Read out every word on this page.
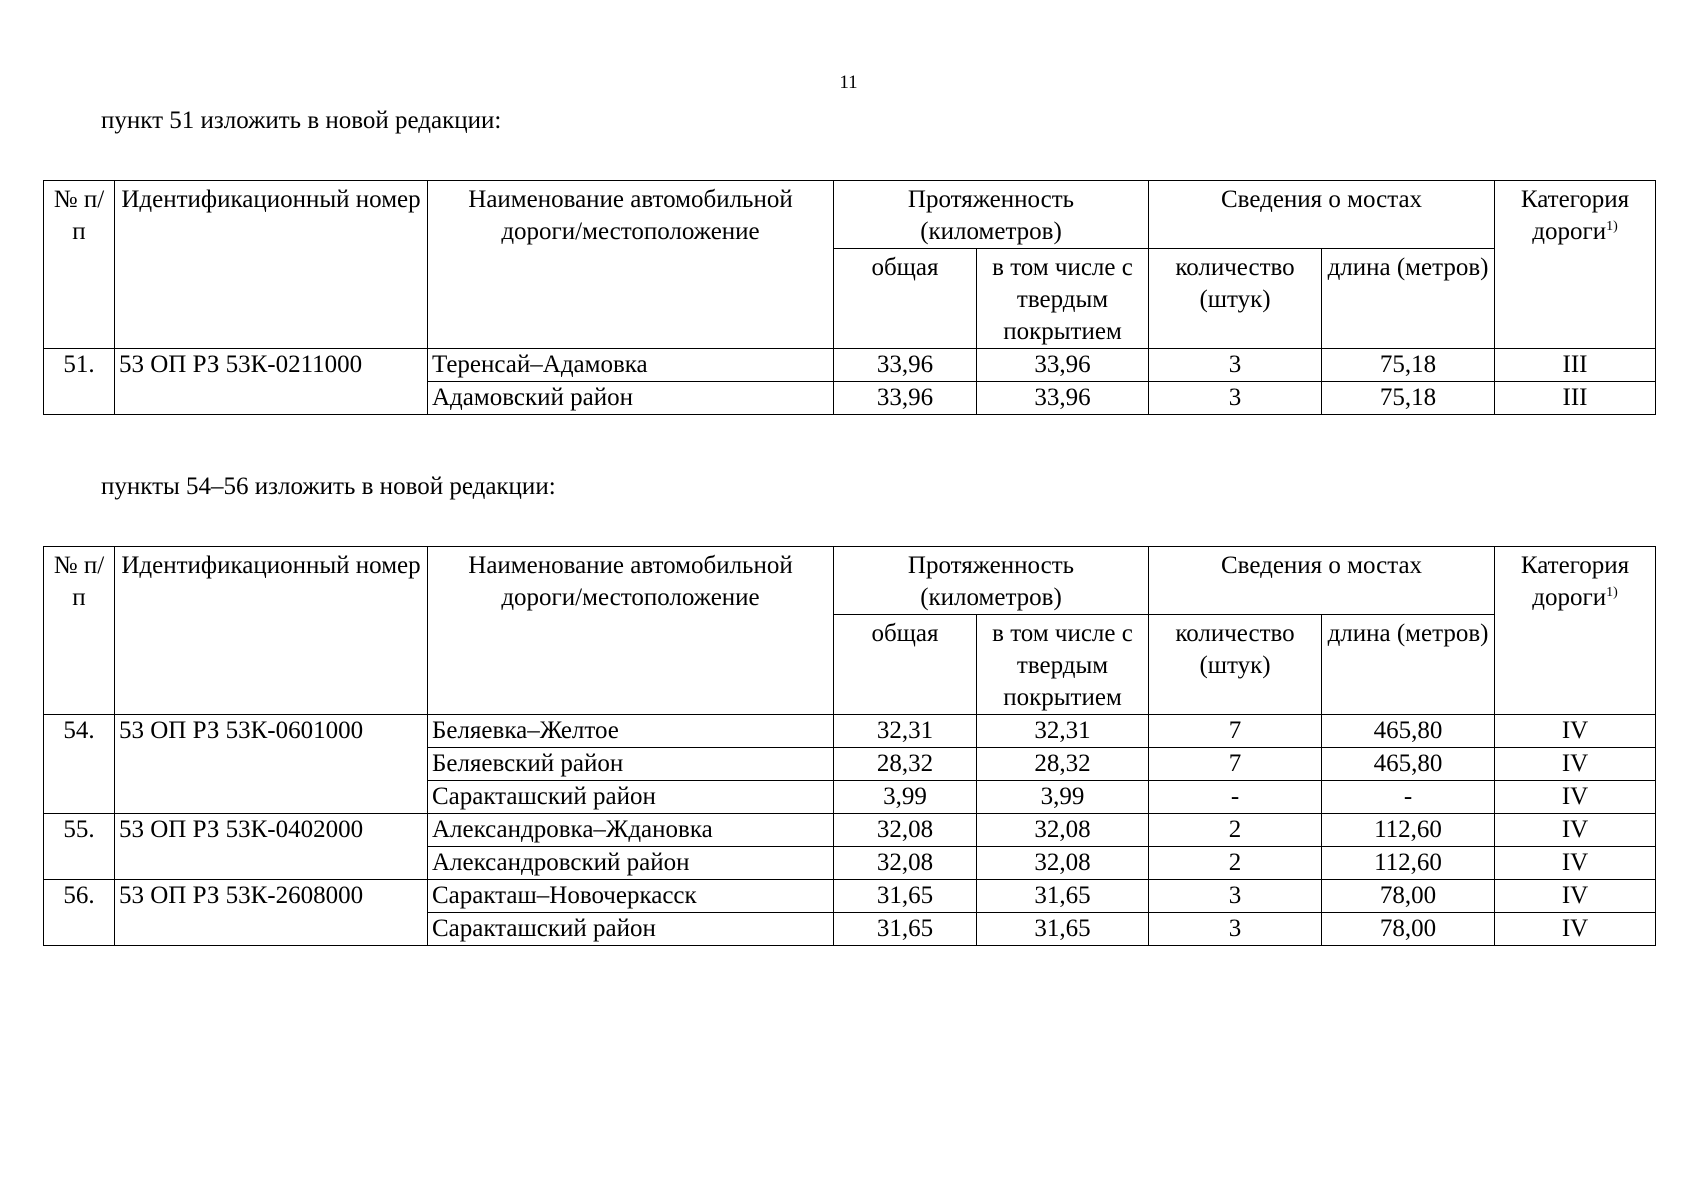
11
пункт 51 изложить в новой редакции:
№ п/п	Идентификационный номер	Наименование автомобильной дороги/местоположение	Протяженность (километров)		Сведения о мостах		Категория дороги$^{1)}$
			общая	в том числе с твердым покрытием	количество (штук)	длина (метров)	
51.	53 ОП РЗ 53К-0211000	Теренсай–Адамовка	33,96	33,96	3	75,18	III
		Адамовский район	33,96	33,96	3	75,18	III
пункты 54–56 изложить в новой редакции:
№ п/п	Идентификационный номер	Наименование автомобильной дороги/местоположение	Протяженность (километров)		Сведения о мостах		Категория дороги$^{1)}$
			общая	в том числе с твердым покрытием	количество (штук)	длина (метров)	
54.	53 ОП РЗ 53К-0601000	Беляевка–Желтое	32,31	32,31	7	465,80	IV
		Беляевский район	28,32	28,32	7	465,80	IV
		Саракташский район	3,99	3,99	-	-	IV
55.	53 ОП РЗ 53К-0402000	Александровка–Ждановка	32,08	32,08	2	112,60	IV
		Александровский район	32,08	32,08	2	112,60	IV
56.	53 ОП РЗ 53К-2608000	Саракташ–Новочеркасск	31,65	31,65	3	78,00	IV
		Саракташский район	31,65	31,65	3	78,00	IV
